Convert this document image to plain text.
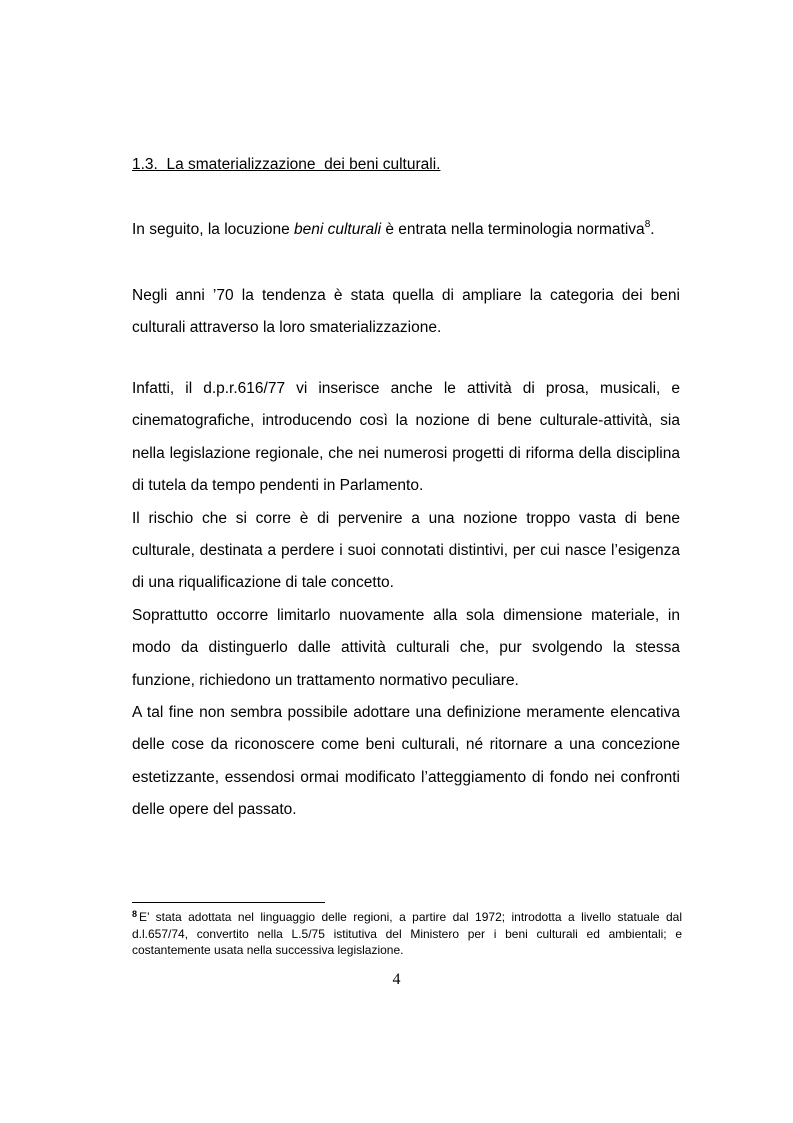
1.3.  La smaterializzazione  dei beni culturali.

In seguito, la locuzione beni culturali è entrata nella terminologia normativa$^8$.

Negli anni ’70 la tendenza è stata quella di ampliare la categoria dei beni culturali attraverso la loro smaterializzazione.

Infatti, il d.p.r.616/77 vi inserisce anche le attività di prosa, musicali, e cinematografiche, introducendo così la nozione di bene culturale-attività, sia nella legislazione regionale, che nei numerosi progetti di riforma della disciplina di tutela da tempo pendenti in Parlamento.
Il rischio che si corre è di pervenire a una nozione troppo vasta di bene culturale, destinata a perdere i suoi connotati distintivi, per cui nasce l’esigenza di una riqualificazione di tale concetto.
Soprattutto occorre limitarlo nuovamente alla sola dimensione materiale, in modo da distinguerlo dalle attività culturali che, pur svolgendo la stessa funzione, richiedono un trattamento normativo peculiare.
A tal fine non sembra possibile adottare una definizione meramente elencativa delle cose da riconoscere come beni culturali, né ritornare a una concezione estetizzante, essendosi ormai modificato l’atteggiamento di fondo nei confronti delle opere del passato.

$^8$ E’ stata adottata nel linguaggio delle regioni, a partire dal 1972; introdotta a livello statuale dal d.l.657/74, convertito nella L.5/75 istitutiva del Ministero per i beni culturali ed ambientali; e costantemente usata nella successiva legislazione.

4
